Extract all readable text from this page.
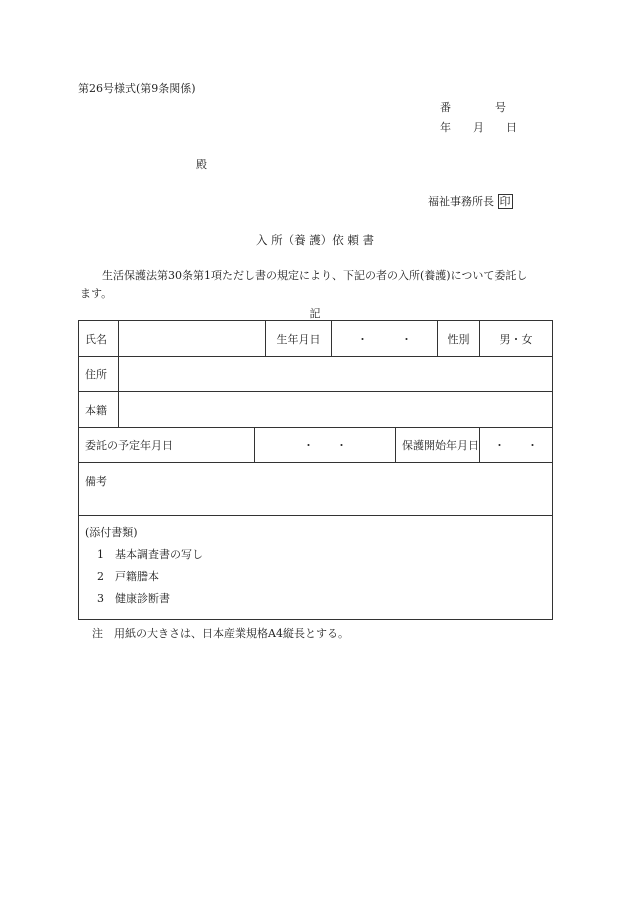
第26号様式(第9条関係)
番　　　　号
年　　月　　日
殿
福祉事務所長 印
入 所（養 護）依 頼 書
生活保護法第30条第1項ただし書の規定により、下記の者の入所(養護)について委託し
ます。
記
氏名			生年月日	・　　　・		性別	男・女
住所							
本籍							
委託の予定年月日		・　　・			保護開始年月日		・　　・
備考							

(添付書類)
1　基本調査書の写し
2　戸籍謄本
3　健康診断書							
注　用紙の大きさは、日本産業規格A4縦長とする。
